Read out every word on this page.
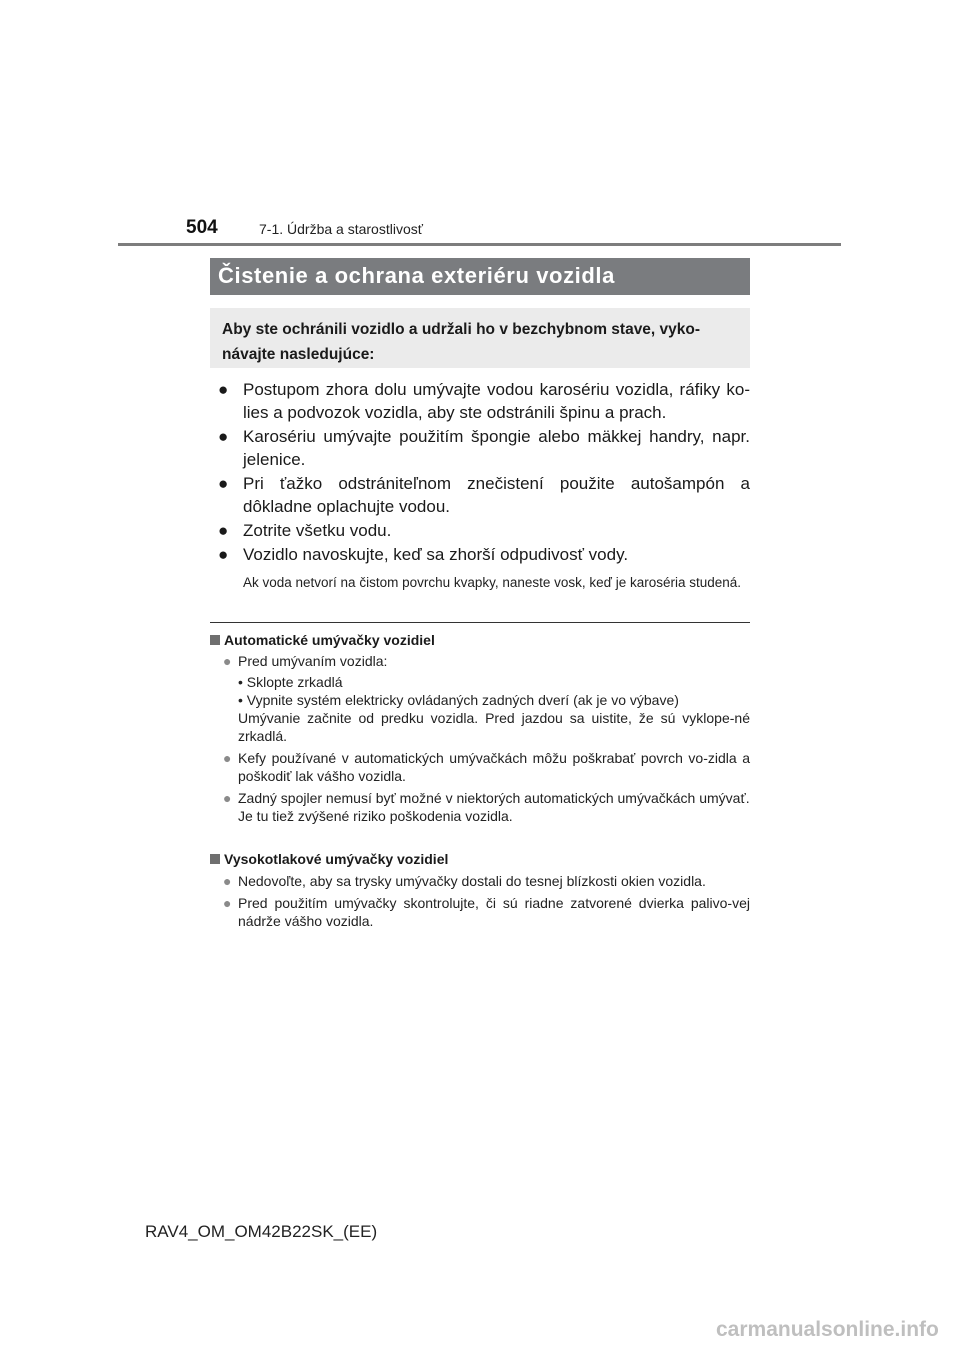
504	7-1. Údržba a starostlivosť
Čistenie a ochrana exteriéru vozidla
Aby ste ochránili vozidlo a udržali ho v bezchybnom stave, vyko-návajte nasledujúce:
● Postupom zhora dolu umývajte vodou karosériu vozidla, ráfiky ko-lies a podvozok vozidla, aby ste odstránili špinu a prach.
● Karosériu umývajte použitím špongie alebo mäkkej handry, napr. jelenice.
● Pri ťažko odstrániteľnom znečistení použite autošampón a dôkladne oplachujte vodou.
● Zotrite všetku vodu.
● Vozidlo navoskujte, keď sa zhorší odpudivosť vody.
Ak voda netvorí na čistom povrchu kvapky, naneste vosk, keď je karoséria studená.
Automatické umývačky vozidiel
● Pred umývaním vozidla:
• Sklopte zrkadlá
• Vypnite systém elektricky ovládaných zadných dverí (ak je vo výbave)
Umývanie začnite od predku vozidla. Pred jazdou sa uistite, že sú vyklope-né zrkadlá.
● Kefy používané v automatických umývačkách môžu poškrabať povrch vo-zidla a poškodiť lak vášho vozidla.
● Zadný spojler nemusí byť možné v niektorých automatických umývačkách umývať.
Je tu tiež zvýšené riziko poškodenia vozidla.
Vysokotlakové umývačky vozidiel
● Nedovoľte, aby sa trysky umývačky dostali do tesnej blízkosti okien vozidla.
● Pred použitím umývačky skontrolujte, či sú riadne zatvorené dvierka palivo-vej nádrže vášho vozidla.
RAV4_OM_OM42B22SK_(EE)
carmanualsonline.info
